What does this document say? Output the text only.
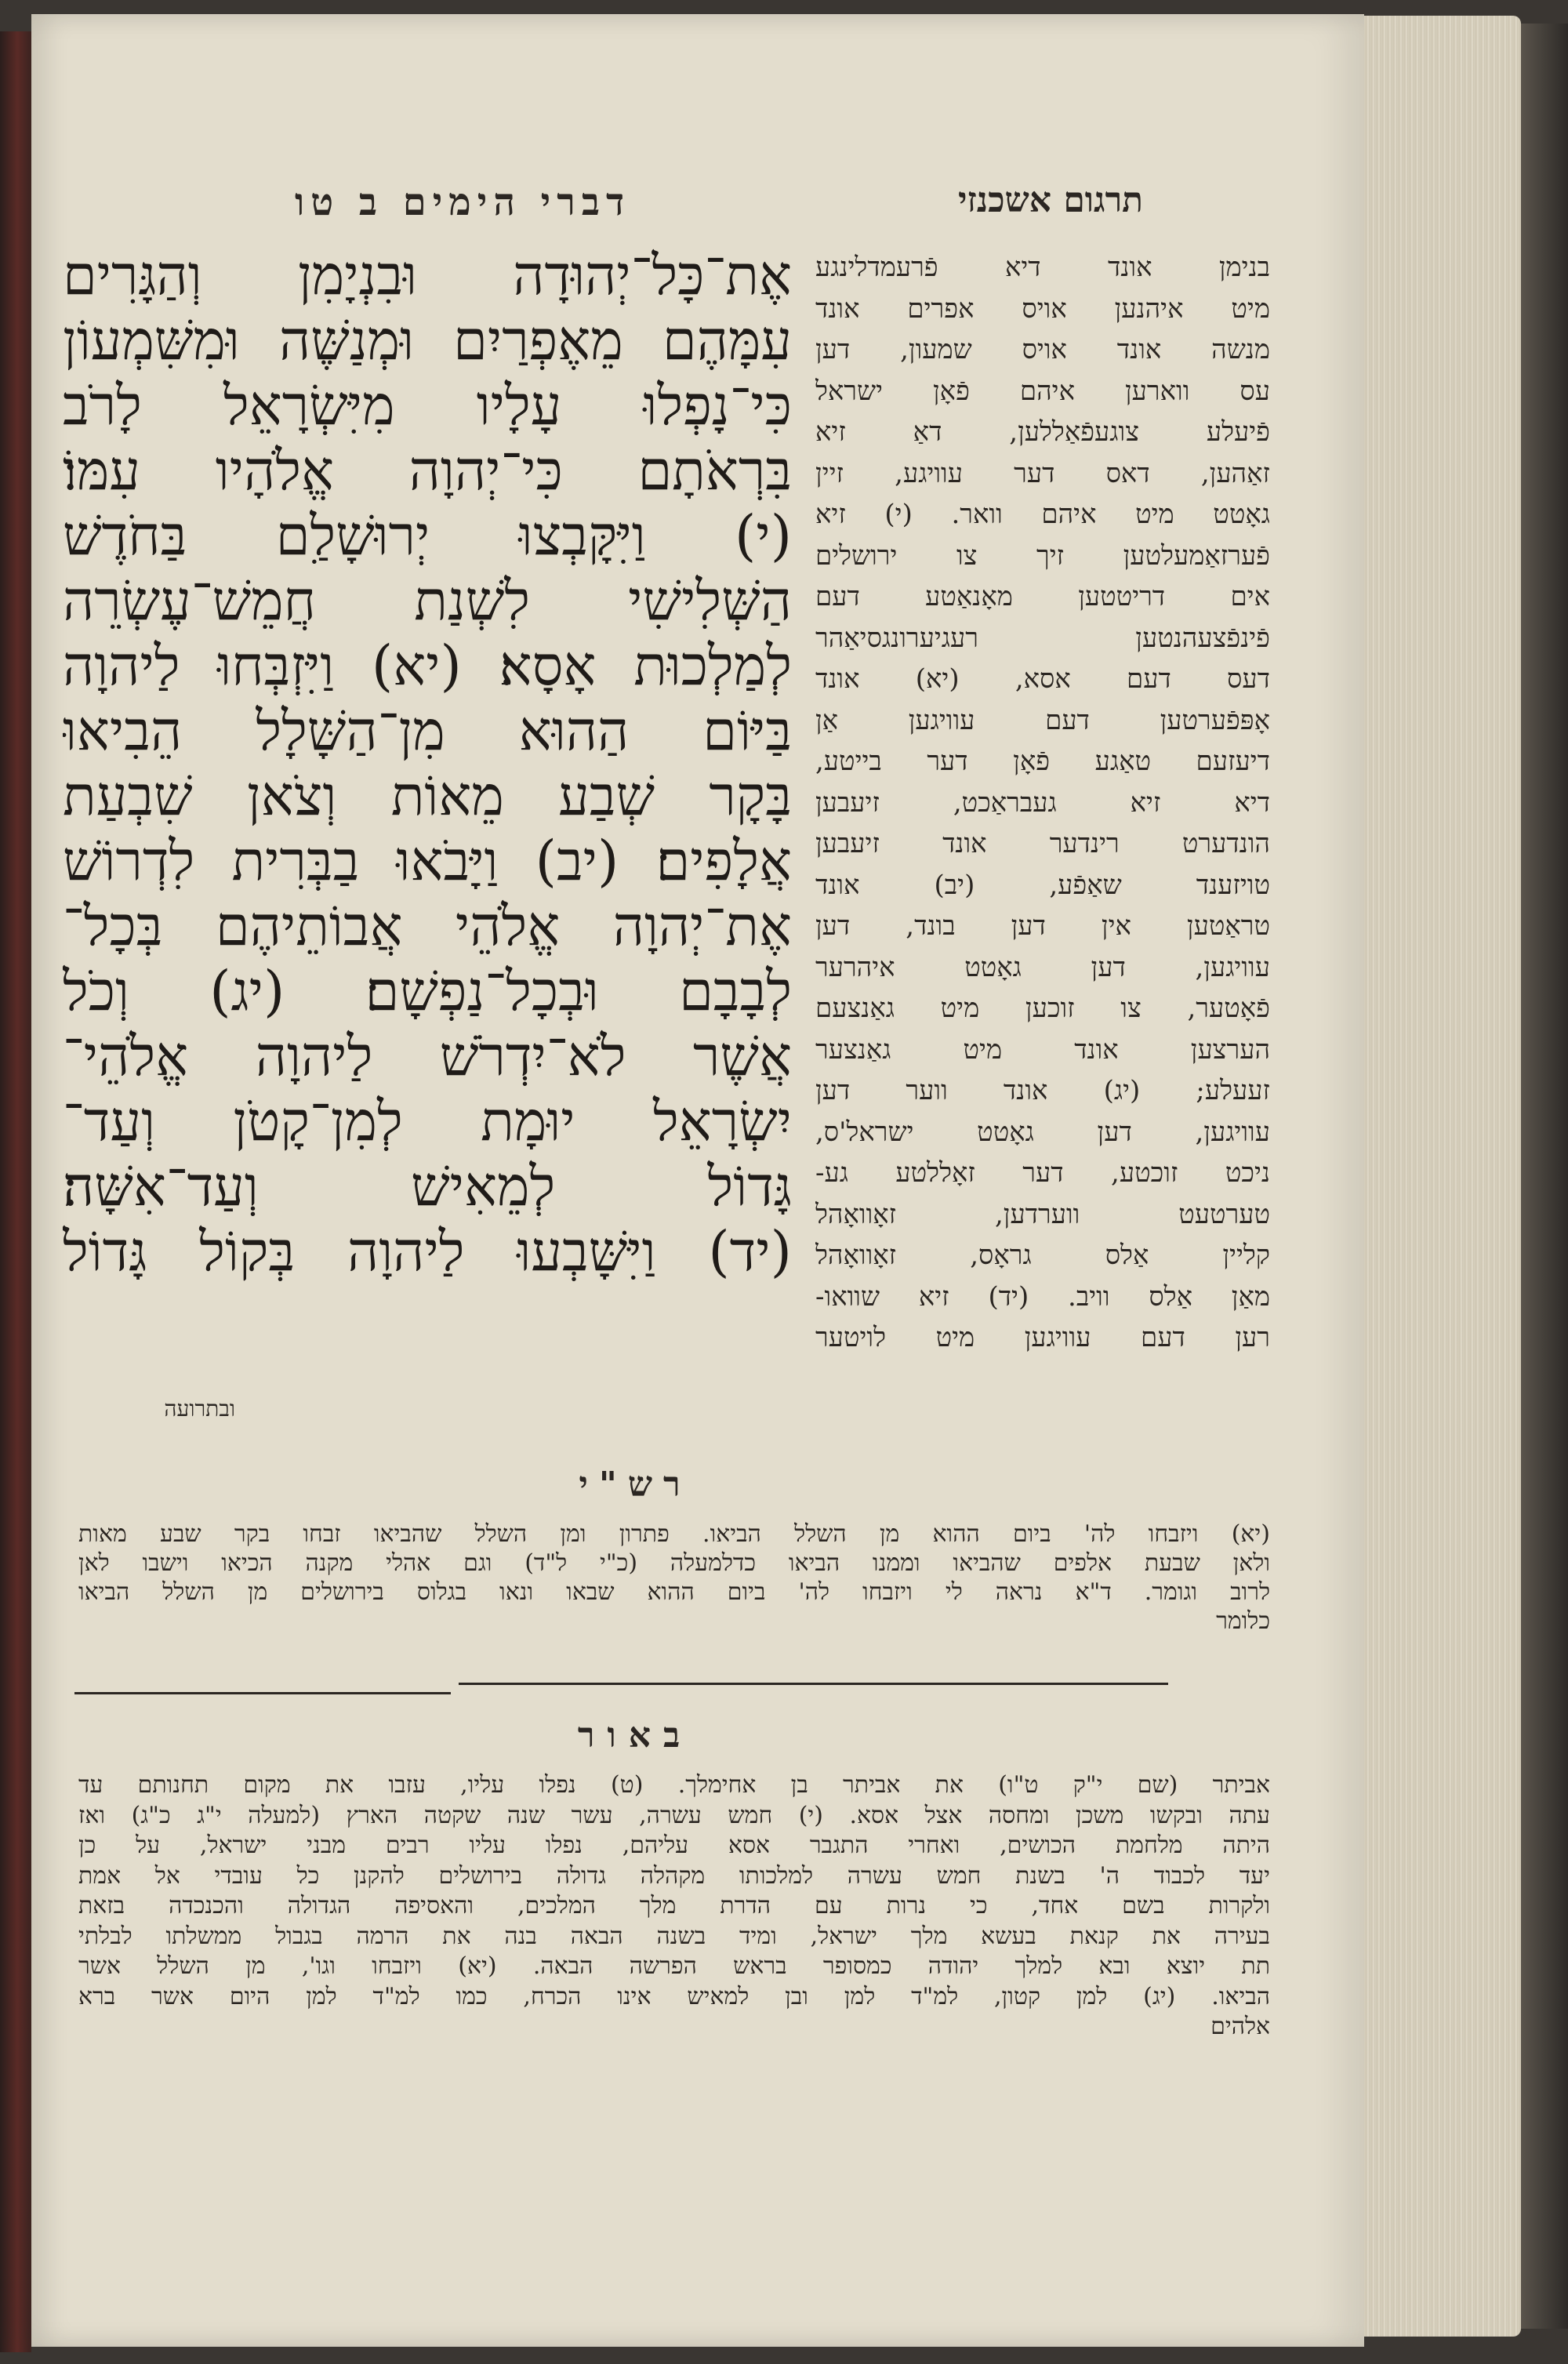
דברי הימים ב טו	תרגום אשכנזי
אֶת־כָּל־יְהוּדָה וּבִנְיָמִן וְהַגָּרִים
עִמָּהֶם מֵאֶפְרַיִם וּמְנַשֶּׁה וּמִשִּׁמְעוֹן
כִּי־נָפְלוּ עָלָיו מִיִּשְׂרָאֵל לָרֹב
בִּרְאֹתָם כִּי־יְהוָה אֱלֹהָיו עִמּוֹ׃
(י) וַיִּקָּבְצוּ יְרוּשָׁלַ͏ִם בַּחֹדֶשׁ
הַשְּׁלִישִׁי לִשְׁנַת חֲמֵשׁ־עֶשְׂרֵה
לְמַלְכוּת אָסָא׃ (יא) וַיִּזְבְּחוּ לַיהוָה
בַּיּוֹם הַהוּא מִן־הַשָּׁלָל הֵבִיאוּ
בָּקָר שְׁבַע מֵאוֹת וְצֹאן שִׁבְעַת
אֲלָפִים׃ (יב) וַיָּבֹאוּ בַבְּרִית לִדְרוֹשׁ
אֶת־יְהוָה אֱלֹהֵי אֲבוֹתֵיהֶם בְּכָל־
לְבָבָם וּבְכָל־נַפְשָׁם׃ (יג) וְכֹל
אֲשֶׁר לֹא־יִדְרֹשׁ לַיהוָה אֱלֹהֵי־
יִשְׂרָאֵל יוּמָת לְמִן־קָטֹן וְעַד־
גָּדוֹל לְמֵאִישׁ וְעַד־אִשָּׁה׃
(יד) וַיִּשָּׁבְעוּ לַיהוָה בְּקוֹל גָּדוֹל
ובתרועה
בנימן אונד דיא פֿרעמדלינגע
מיט איהנען אויס אפרים אונד
מנשה אונד אויס שמעון, דען
עס ווארען איהם פֿאָן ישראל
פֿיעלע צוגעפֿאַללען, דאַ זיא
זאַהען, דאס דער עוויגע, זיין
גאָטט מיט איהם וואר. (י) זיא
פֿערזאַמעלטען זיך צו ירושלים
אים דריטטען מאָנאַטע דעם
פֿינפֿצעהנטען רעגיערונגסיאַהר
דעס דעם אסא, (יא) אונד
אָפּפֿערטען דעם עוויגען אַן
דיעזעם טאַגע פֿאָן דער בייטע,
דיא זיא געבראַכט, זיעבען
הונדערט רינדער אונד זיעבען
טויזענד שאַפֿע, (יב) אונד
טראַטען אין דען בונד, דען
עוויגען, דען גאָטט איהרער
פֿאָטער, צו זוכען מיט גאַנצעם
הערצען אונד מיט גאַנצער
זעעלע; (יג) אונד ווער דען
עוויגען, דען גאָטט ישראל'ס,
ניכט זוכטע, דער זאָללטע גע-
טערטעט ווערדען, זאָוואָהל
קליין אַלס גראָס, זאָוואָהל
מאַן אַלס וויב. (יד) זיא שוואו-
רען דעם עוויגען מיט לויטער
רש"י
(יא) ויזבחו לה' ביום ההוא מן השלל הביאו. פתרון ומן השלל שהביאו זבחו בקר שבע מאות
ולאן שבעת אלפים שהביאו וממנו הביאו כדלמעלה (כ"י ל"ד) וגם אהלי מקנה הכיאו וישבו לאן
לרוב וגומר. ד"א נראה לי ויזבחו לה' ביום ההוא שבאו ונאו בגלוס בירושלים מן השלל הביאו
כלומר
באור
אביתר (שם י"ק ט"ו) את אביתר בן אחימלך. (ט) נפלו עליו, עזבו את מקום תחנותם עד
עתה ובקשו משכן ומחסה אצל אסא. (י) חמש עשרה, עשר שנה שקטה הארץ (למעלה י"ג כ"ג) ואז
היתה מלחמת הכושים, ואחרי התגבר אסא עליהם, נפלו עליו רבים מבני ישראל, על כן
יעד לכבוד ה' בשנת חמש עשרה למלכותו מקהלה גדולה בירושלים להקנן כל עובדי אל אמת
ולקרות בשם אחד, כי נרות עם הדרת מלך המלכים, והאסיפה הגדולה והכנכדה בזאת
בעירה את קנאת בעשא מלך ישראל, ומיד בשנה הבאה בנה את הרמה בגבול ממשלתו לבלתי
תת יוצא ובא למלך יהודה כמסופר בראש הפרשה הבאה. (יא) ויזבחו וגו', מן השלל אשר
הביאו. (יג) למן קטון, למ"ד למן ובן למאיש אינו הכרח, כמו למ"ד למן היום אשר ברא
אלהים
